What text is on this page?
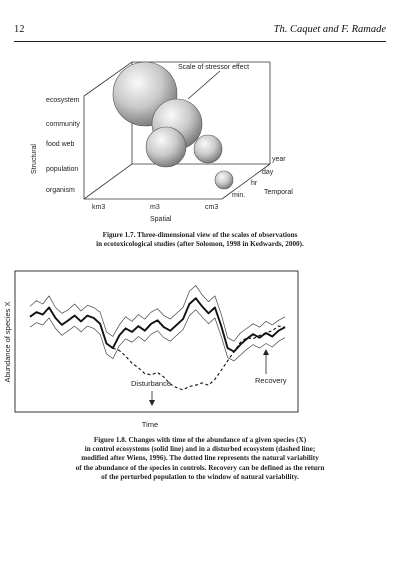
12	Th. Caquet and F. Ramade
Scale of stressor effect
Structural
ecosystem
community
food web
population
organism
km3	m3	cm3
Spatial
year
day
hr
min.	Temporal
Figure 1.7. Three-dimensional view of the scales of observations
in ecotoxicological studies (after Solomon, 1998 in Kedwards, 2000).
Abundance of species X
Time
Disturbance	Recovery
Figure 1.8. Changes with time of the abundance of a given species (X)
in control ecosystems (solid line) and in a disturbed ecosystem (dashed line;
modified after Wiens, 1996). The dotted line represents the natural variability
of the abundance of the species in controls. Recovery can be defined as the return
of the perturbed population to the window of natural variability.
